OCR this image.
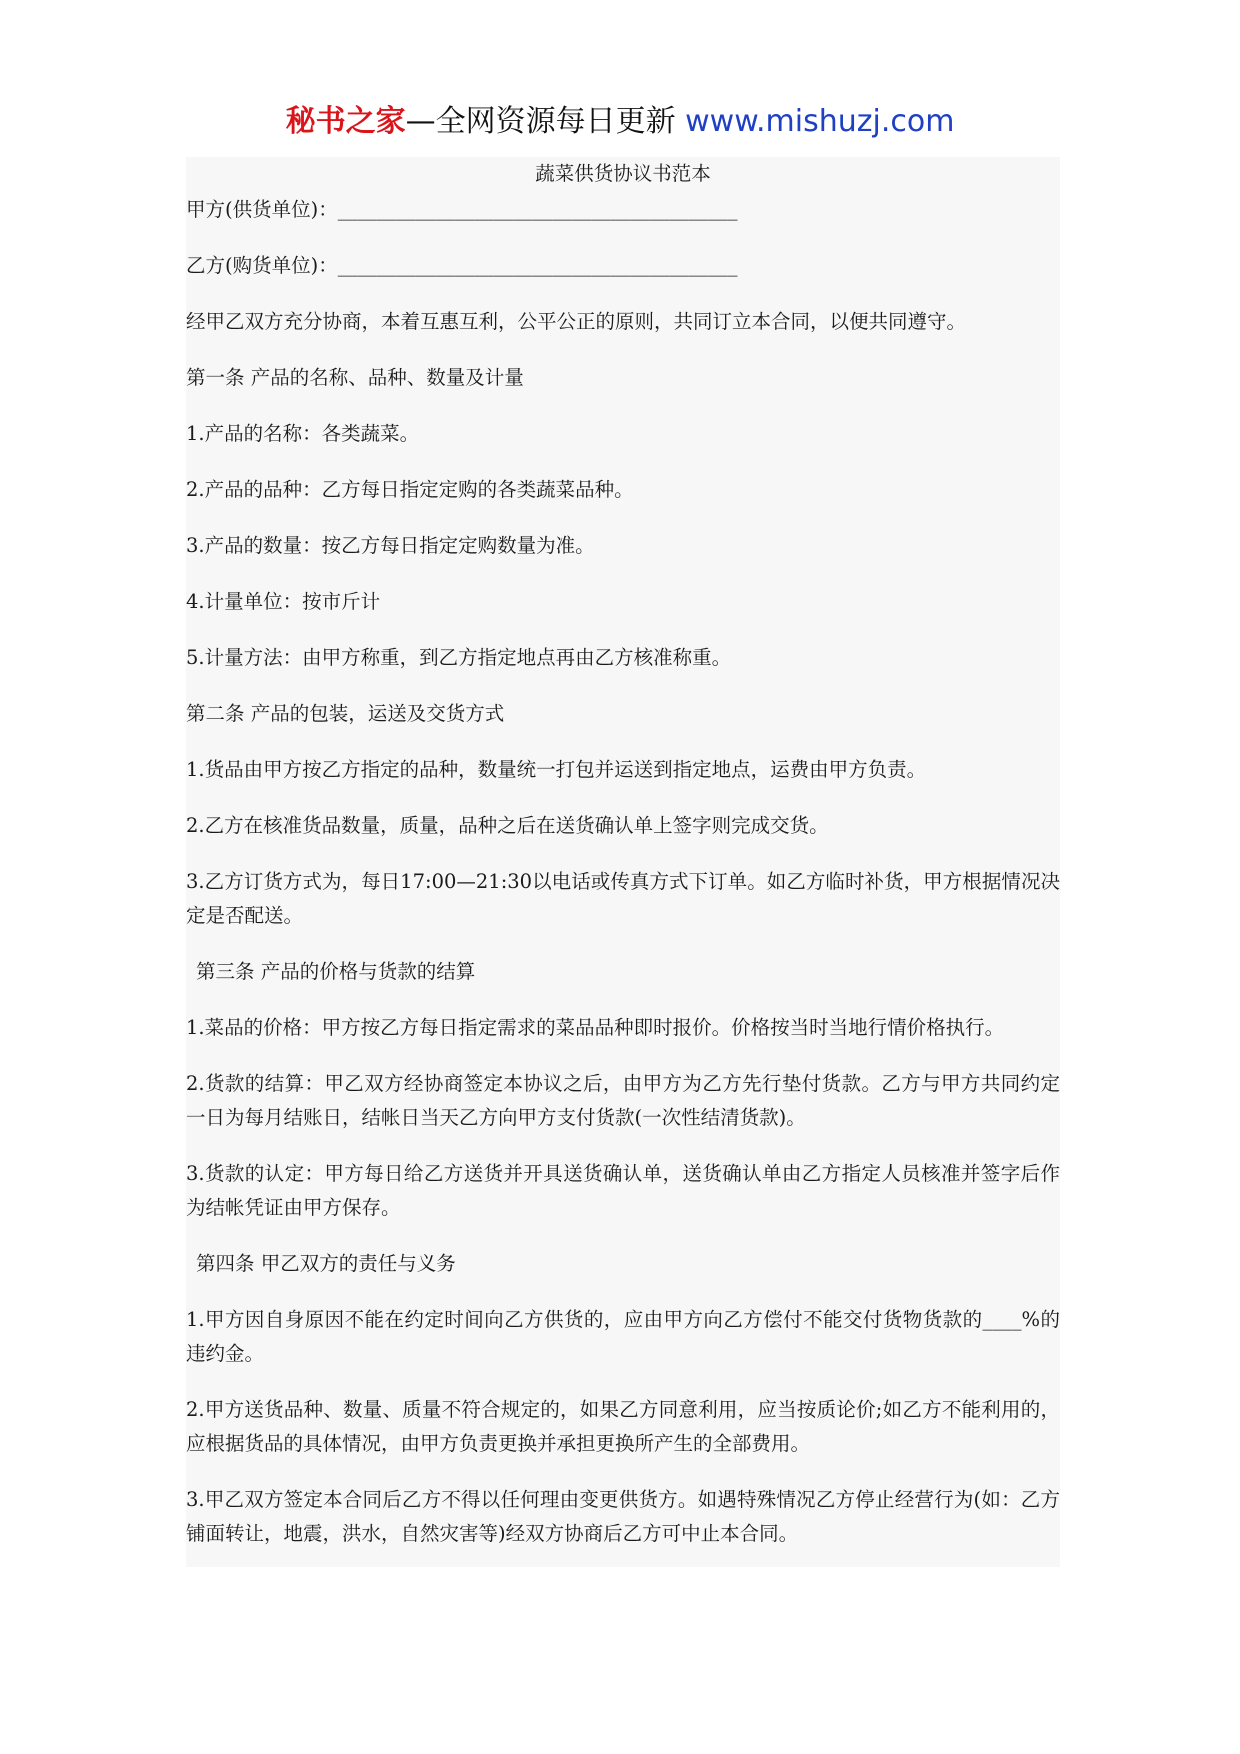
秘书之家—全网资源每日更新 www.mishuzj.com

蔬菜供货协议书范本

甲方(供货单位)：_________________________________________

乙方(购货单位)：_________________________________________

经甲乙双方充分协商，本着互惠互利，公平公正的原则，共同订立本合同，以便共同遵守。

第一条 产品的名称、品种、数量及计量

1.产品的名称：各类蔬菜。

2.产品的品种：乙方每日指定定购的各类蔬菜品种。

3.产品的数量：按乙方每日指定定购数量为准。

4.计量单位：按市斤计

5.计量方法：由甲方称重，到乙方指定地点再由乙方核准称重。

第二条 产品的包装，运送及交货方式

1.货品由甲方按乙方指定的品种，数量统一打包并运送到指定地点，运费由甲方负责。

2.乙方在核准货品数量，质量，品种之后在送货确认单上签字则完成交货。

3.乙方订货方式为，每日17:00—21:30以电话或传真方式下订单。如乙方临时补货，甲方根据情况决定是否配送。

第三条 产品的价格与货款的结算

1.菜品的价格：甲方按乙方每日指定需求的菜品品种即时报价。价格按当时当地行情价格执行。

2.货款的结算：甲乙双方经协商签定本协议之后，由甲方为乙方先行垫付货款。乙方与甲方共同约定一日为每月结账日，结帐日当天乙方向甲方支付货款(一次性结清货款)。

3.货款的认定：甲方每日给乙方送货并开具送货确认单，送货确认单由乙方指定人员核准并签字后作为结帐凭证由甲方保存。

第四条 甲乙双方的责任与义务

1.甲方因自身原因不能在约定时间向乙方供货的，应由甲方向乙方偿付不能交付货物货款的____%的违约金。

2.甲方送货品种、数量、质量不符合规定的，如果乙方同意利用，应当按质论价;如乙方不能利用的，应根据货品的具体情况，由甲方负责更换并承担更换所产生的全部费用。

3.甲乙双方签定本合同后乙方不得以任何理由变更供货方。如遇特殊情况乙方停止经营行为(如：乙方铺面转让，地震，洪水，自然灾害等)经双方协商后乙方可中止本合同。
